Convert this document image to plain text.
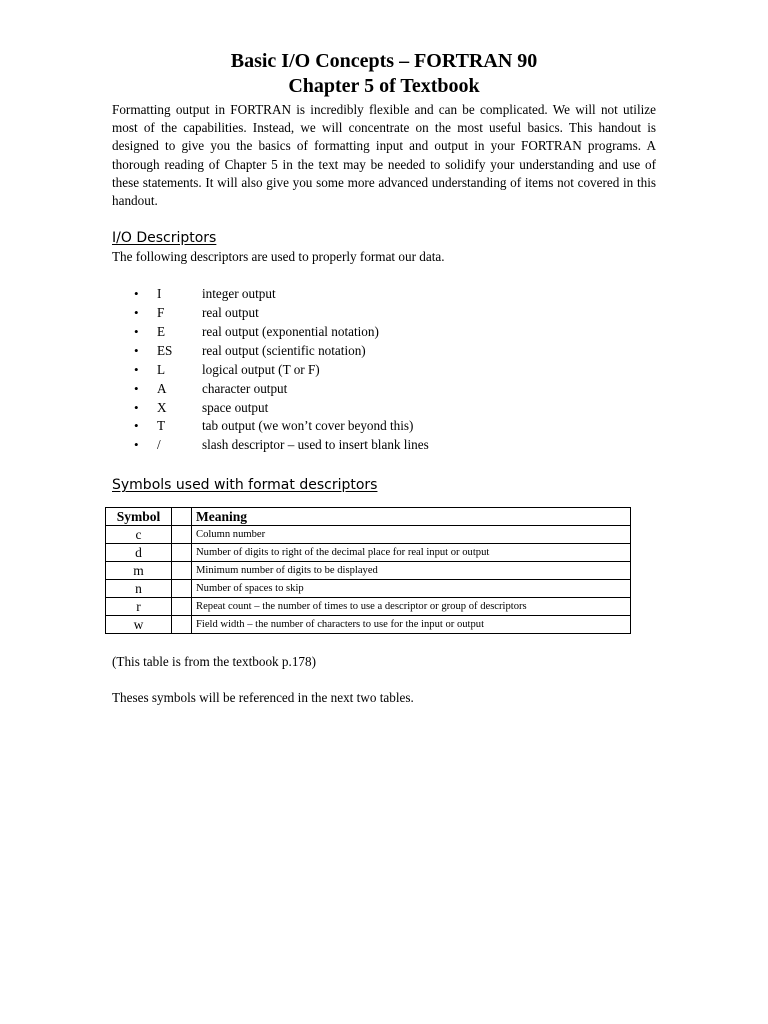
Basic I/O Concepts – FORTRAN 90
Chapter 5 of Textbook

Formatting output in FORTRAN is incredibly flexible and can be complicated. We will not utilize most of the capabilities. Instead, we will concentrate on the most useful basics. This handout is designed to give you the basics of formatting input and output in your FORTRAN programs. A thorough reading of Chapter 5 in the text may be needed to solidify your understanding and use of these statements. It will also give you some more advanced understanding of items not covered in this handout.

I/O Descriptors

The following descriptors are used to properly format our data.

• I	integer output
• F	real output
• E	real output (exponential notation)
• ES real output (scientific notation)
• L	logical output (T or F)
• A	character output
• X	space output
• T	tab output (we won’t cover beyond this)
• /	slash descriptor – used to insert blank lines
Symbols used with format descriptors
Symbol		Meaning
c		Column number
d		Number of digits to right of the decimal place for real input or output
m		Minimum number of digits to be displayed
n		Number of spaces to skip
r		Repeat count – the number of times to use a descriptor or group of descriptors
w		Field width – the number of characters to use for the input or output

(This table is from the textbook p.178)

Theses symbols will be referenced in the next two tables.
